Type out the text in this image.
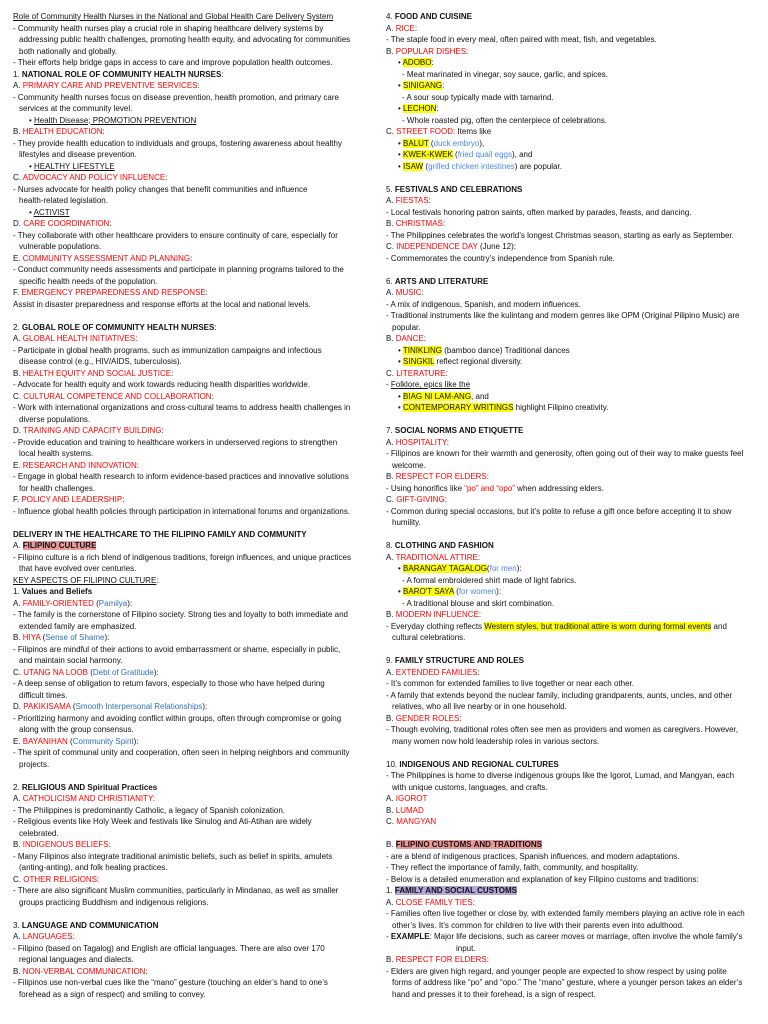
Role of Community Health Nurses in the National and Global Health Care Delivery System
- Community health nurses play a crucial role in shaping healthcare delivery systems by
addressing public health challenges, promoting health equity, and advocating for communities
both nationally and globally.
- Their efforts help bridge gaps in access to care and improve population health outcomes.
1. NATIONAL ROLE OF COMMUNITY HEALTH NURSES:
A. PRIMARY CARE AND PREVENTIVE SERVICES:
- Community health nurses focus on disease prevention, health promotion, and primary care
services at the community level.
• Health Disease; PROMOTION PREVENTION
B. HEALTH EDUCATION:
- They provide health education to individuals and groups, fostering awareness about healthy
lifestyles and disease prevention.
• HEALTHY LIFESTYLE
C. ADVOCACY AND POLICY INFLUENCE:
- Nurses advocate for health policy changes that benefit communities and influence
health-related legislation.
• ACTIVIST
D. CARE COORDINATION:
- They collaborate with other healthcare providers to ensure continuity of care, especially for
vulnerable populations.
E. COMMUNITY ASSESSMENT AND PLANNING:
- Conduct community needs assessments and participate in planning programs tailored to the
specific health needs of the population.
F. EMERGENCY PREPAREDNESS AND RESPONSE:
Assist in disaster preparedness and response efforts at the local and national levels.
2. GLOBAL ROLE OF COMMUNITY HEALTH NURSES:
A. GLOBAL HEALTH INITIATIVES:
- Participate in global health programs, such as immunization campaigns and infectious
disease control (e.g., HIV/AIDS, tuberculosis).
B. HEALTH EQUITY AND SOCIAL JUSTICE:
- Advocate for health equity and work towards reducing health disparities worldwide.
C. CULTURAL COMPETENCE AND COLLABORATION:
- Work with international organizations and cross-cultural teams to address health challenges in
diverse populations.
D. TRAINING AND CAPACITY BUILDING:
- Provide education and training to healthcare workers in underserved regions to strengthen
local health systems.
E. RESEARCH AND INNOVATION:
- Engage in global health research to inform evidence-based practices and innovative solutions
for health challenges.
F. POLICY AND LEADERSHIP:
- Influence global health policies through participation in international forums and organizations.
DELIVERY IN THE HEALTHCARE TO THE FILIPINO FAMILY AND COMMUNITY
A. FILIPINO CULTURE
- Filipino culture is a rich blend of indigenous traditions, foreign influences, and unique practices
that have evolved over centuries.
KEY ASPECTS OF FILIPINO CULTURE:
1. Values and Beliefs
A. FAMILY-ORIENTED (Pamilya):
- The family is the cornerstone of Filipino society. Strong ties and loyalty to both immediate and
extended family are emphasized.
B. HIYA (Sense of Shame):
- Filipinos are mindful of their actions to avoid embarrassment or shame, especially in public,
and maintain social harmony.
C. UTANG NA LOOB (Debt of Gratitude):
- A deep sense of obligation to return favors, especially to those who have helped during
difficult times.
D. PAKIKISAMA (Smooth Interpersonal Relationships):
- Prioritizing harmony and avoiding conflict within groups, often through compromise or going
along with the group consensus.
E. BAYANIHAN (Community Spirit):
- The spirit of communal unity and cooperation, often seen in helping neighbors and community
projects.
2. RELIGIOUS AND Spiritual Practices
A. CATHOLICISM AND CHRISTIANITY:
- The Philippines is predominantly Catholic, a legacy of Spanish colonization.
- Religious events like Holy Week and festivals like Sinulog and Ati-Atihan are widely
celebrated.
B. INDIGENOUS BELIEFS:
- Many Filipinos also integrate traditional animistic beliefs, such as belief in spirits, amulets
(anting-anting), and folk healing practices.
C. OTHER RELIGIONS:
- There are also significant Muslim communities, particularly in Mindanao, as well as smaller
groups practicing Buddhism and indigenous religions.
3. LANGUAGE AND COMMUNICATION
A. LANGUAGES:
- Filipino (based on Tagalog) and English are official languages. There are also over 170
regional languages and dialects.
B. NON-VERBAL COMMUNICATION:
- Filipinos use non-verbal cues like the “mano” gesture (touching an elder’s hand to one’s
forehead as a sign of respect) and smiling to convey.
4. FOOD AND CUISINE
A. RICE:
- The staple food in every meal, often paired with meat, fish, and vegetables.
B. POPULAR DISHES:
• ADOBO:
- Meat marinated in vinegar, soy sauce, garlic, and spices.
• SINIGANG:
- A sour soup typically made with tamarind.
• LECHON:
- Whole roasted pig, often the centerpiece of celebrations.
C. STREET FOOD: Items like
• BALUT (duck embryo),
• KWEK-KWEK (fried quail eggs), and
• ISAW (grilled chicken intestines) are popular.
5. FESTIVALS AND CELEBRATIONS
A. FIESTAS:
- Local festivals honoring patron saints, often marked by parades, feasts, and dancing.
B. CHRISTMAS:
- The Philippines celebrates the world’s longest Christmas season, starting as early as September.
C. INDEPENDENCE DAY (June 12):
- Commemorates the country’s independence from Spanish rule.
6. ARTS AND LITERATURE
A. MUSIC:
- A mix of indigenous, Spanish, and modern influences.
- Traditional instruments like the kulintang and modern genres like OPM (Original Pilipino Music) are
popular.
B. DANCE:
• TINIKLING (bamboo dance) Traditional dances
• SINGKIL reflect regional diversity.
C. LITERATURE:
- Folklore, epics like the
• BIAG NI LAM-ANG, and
• CONTEMPORARY WRITINGS highlight Filipino creativity.
7. SOCIAL NORMS AND ETIQUETTE
A. HOSPITALITY:
- Filipinos are known for their warmth and generosity, often going out of their way to make guests feel
welcome.
B. RESPECT FOR ELDERS:
- Using honorifics like “po” and “opo” when addressing elders.
C. GIFT-GIVING:
- Common during special occasions, but it’s polite to refuse a gift once before accepting it to show
humility.
8. CLOTHING AND FASHION
A. TRADITIONAL ATTIRE:
• BARANGAY TAGALOG(for men):
- A formal embroidered shirt made of light fabrics.
• BARO'T SAYA (for women):
- A traditional blouse and skirt combination.
B. MODERN INFLUENCE:
- Everyday clothing reflects Western styles, but traditional attire is worn during formal events and
cultural celebrations.
9. FAMILY STRUCTURE AND ROLES
A. EXTENDED FAMILIES:
- It’s common for extended families to live together or near each other.
- A family that extends beyond the nuclear family, including grandparents, aunts, uncles, and other
relatives, who all live nearby or in one household.
B. GENDER ROLES:
- Though evolving, traditional roles often see men as providers and women as caregivers. However,
many women now hold leadership roles in various sectors.
10. INDIGENOUS AND REGIONAL CULTURES
- The Philippines is home to diverse indigenous groups like the Igorot, Lumad, and Mangyan, each
with unique customs, languages, and crafts.
A. IGOROT
B. LUMAD
C. MANGYAN
B. FILIPINO CUSTOMS AND TRADITIONS
- are a blend of indigenous practices, Spanish influences, and modern adaptations.
- They reflect the importance of family, faith, community, and hospitality.
- Below is a detailed enumeration and explanation of key Filipino customs and traditions:
1. FAMILY AND SOCIAL CUSTOMS
A. CLOSE FAMILY TIES:
- Families often live together or close by, with extended family members playing an active role in each
other’s lives. It’s common for children to live with their parents even into adulthood.
- EXAMPLE: Major life decisions, such as career moves or marriage, often involve the whole family’s
input.
B. RESPECT FOR ELDERS:
- Elders are given high regard, and younger people are expected to show respect by using polite
forms of address like “po” and “opo.” The “mano” gesture, where a younger person takes an elder’s
hand and presses it to their forehead, is a sign of respect.
